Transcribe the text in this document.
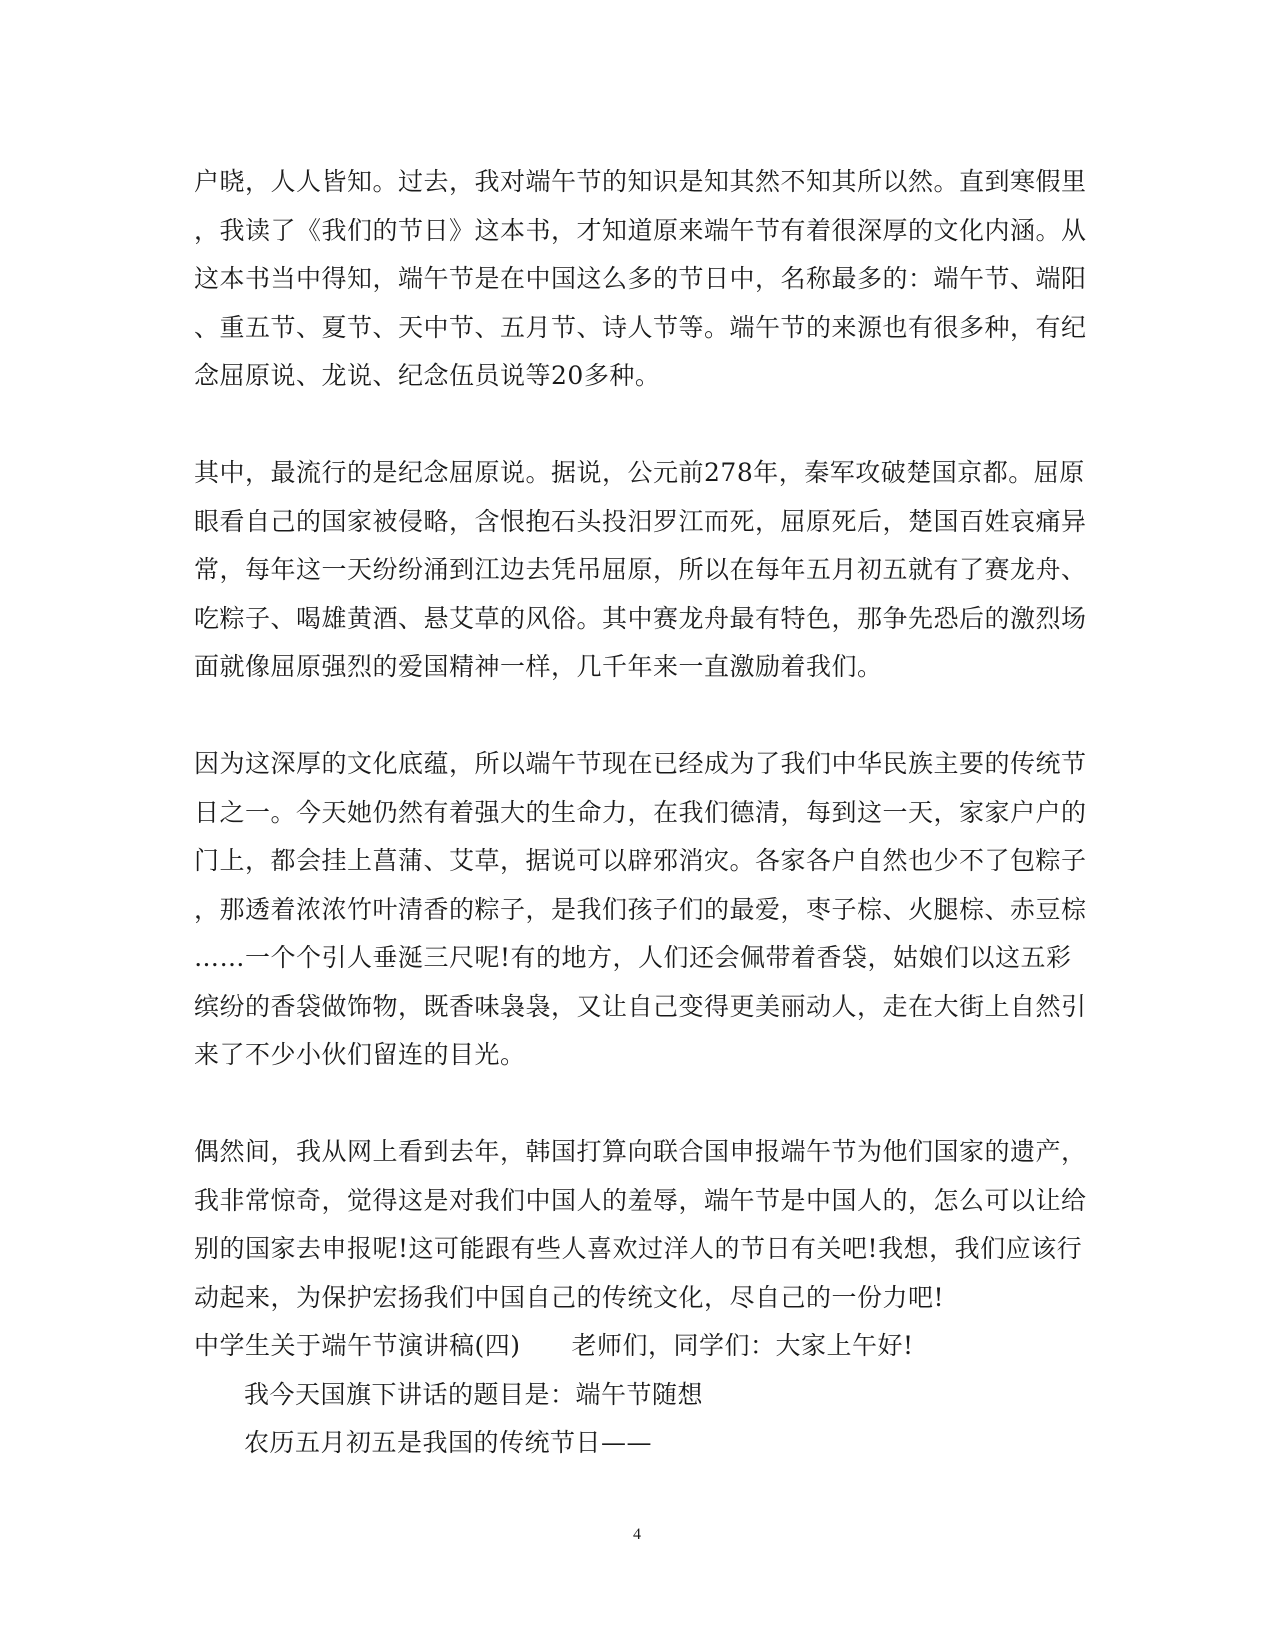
户晓，人人皆知。过去，我对端午节的知识是知其然不知其所以然。直到寒假里
，我读了《我们的节日》这本书，才知道原来端午节有着很深厚的文化内涵。从
这本书当中得知，端午节是在中国这么多的节日中，名称最多的：端午节、端阳
、重五节、夏节、天中节、五月节、诗人节等。端午节的来源也有很多种，有纪
念屈原说、龙说、纪念伍员说等20多种。
其中，最流行的是纪念屈原说。据说，公元前278年，秦军攻破楚国京都。屈原
眼看自己的国家被侵略，含恨抱石头投汨罗江而死，屈原死后，楚国百姓哀痛异
常，每年这一天纷纷涌到江边去凭吊屈原，所以在每年五月初五就有了赛龙舟、
吃粽子、喝雄黄酒、悬艾草的风俗。其中赛龙舟最有特色，那争先恐后的激烈场
面就像屈原强烈的爱国精神一样，几千年来一直激励着我们。
因为这深厚的文化底蕴，所以端午节现在已经成为了我们中华民族主要的传统节
日之一。今天她仍然有着强大的生命力，在我们德清，每到这一天，家家户户的
门上，都会挂上菖蒲、艾草，据说可以辟邪消灾。各家各户自然也少不了包粽子
，那透着浓浓竹叶清香的粽子，是我们孩子们的最爱，枣子棕、火腿棕、赤豆棕
……一个个引人垂涎三尺呢!有的地方，人们还会佩带着香袋，姑娘们以这五彩
缤纷的香袋做饰物，既香味袅袅，又让自己变得更美丽动人，走在大街上自然引
来了不少小伙们留连的目光。
偶然间，我从网上看到去年，韩国打算向联合国申报端午节为他们国家的遗产，
我非常惊奇，觉得这是对我们中国人的羞辱，端午节是中国人的，怎么可以让给
别的国家去申报呢!这可能跟有些人喜欢过洋人的节日有关吧!我想，我们应该行
动起来，为保护宏扬我们中国自己的传统文化，尽自己的一份力吧!
中学生关于端午节演讲稿(四)　　老师们，同学们：大家上午好!
我今天国旗下讲话的题目是：端午节随想
农历五月初五是我国的传统节日——
4
